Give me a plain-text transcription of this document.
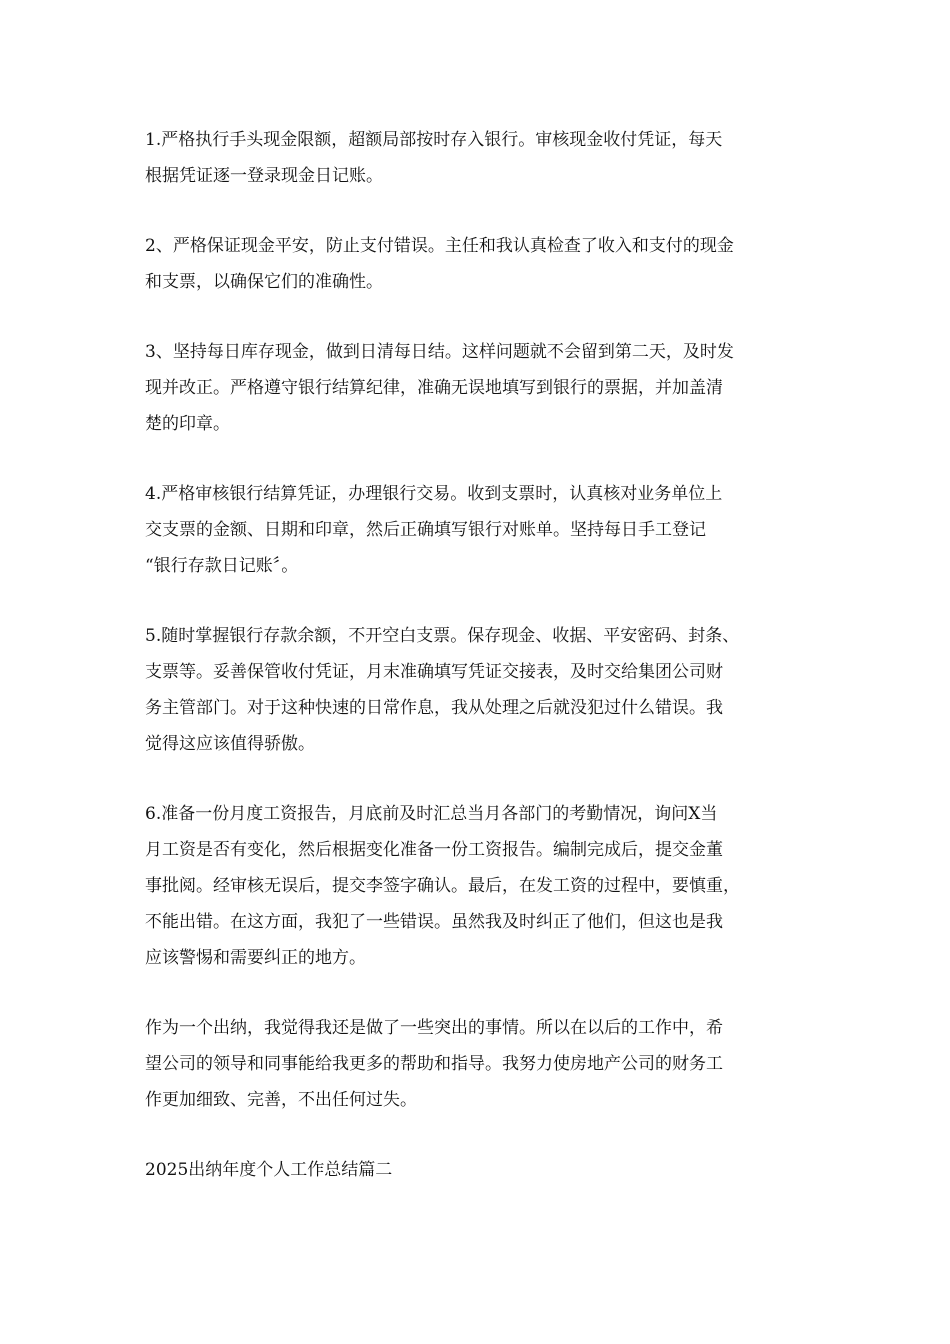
1.严格执行手头现金限额，超额局部按时存入银行。审核现金收付凭证，每天
根据凭证逐一登录现金日记账。

2、严格保证现金平安，防止支付错误。主任和我认真检查了收入和支付的现金
和支票，以确保它们的准确性。

3、坚持每日库存现金，做到日清每日结。这样问题就不会留到第二天，及时发
现并改正。严格遵守银行结算纪律，准确无误地填写到银行的票据，并加盖清
楚的印章。

4.严格审核银行结算凭证，办理银行交易。收到支票时，认真核对业务单位上
交支票的金额、日期和印章，然后正确填写银行对账单。坚持每日手工登记
“银行存款日记账〞。

5.随时掌握银行存款余额，不开空白支票。保存现金、收据、平安密码、封条、
支票等。妥善保管收付凭证，月末准确填写凭证交接表，及时交给集团公司财
务主管部门。对于这种快速的日常作息，我从处理之后就没犯过什么错误。我
觉得这应该值得骄傲。

6.准备一份月度工资报告，月底前及时汇总当月各部门的考勤情况，询问X当
月工资是否有变化，然后根据变化准备一份工资报告。编制完成后，提交金董
事批阅。经审核无误后，提交李签字确认。最后，在发工资的过程中，要慎重，
不能出错。在这方面，我犯了一些错误。虽然我及时纠正了他们，但这也是我
应该警惕和需要纠正的地方。

作为一个出纳，我觉得我还是做了一些突出的事情。所以在以后的工作中，希
望公司的领导和同事能给我更多的帮助和指导。我努力使房地产公司的财务工
作更加细致、完善，不出任何过失。

2025出纳年度个人工作总结篇二
